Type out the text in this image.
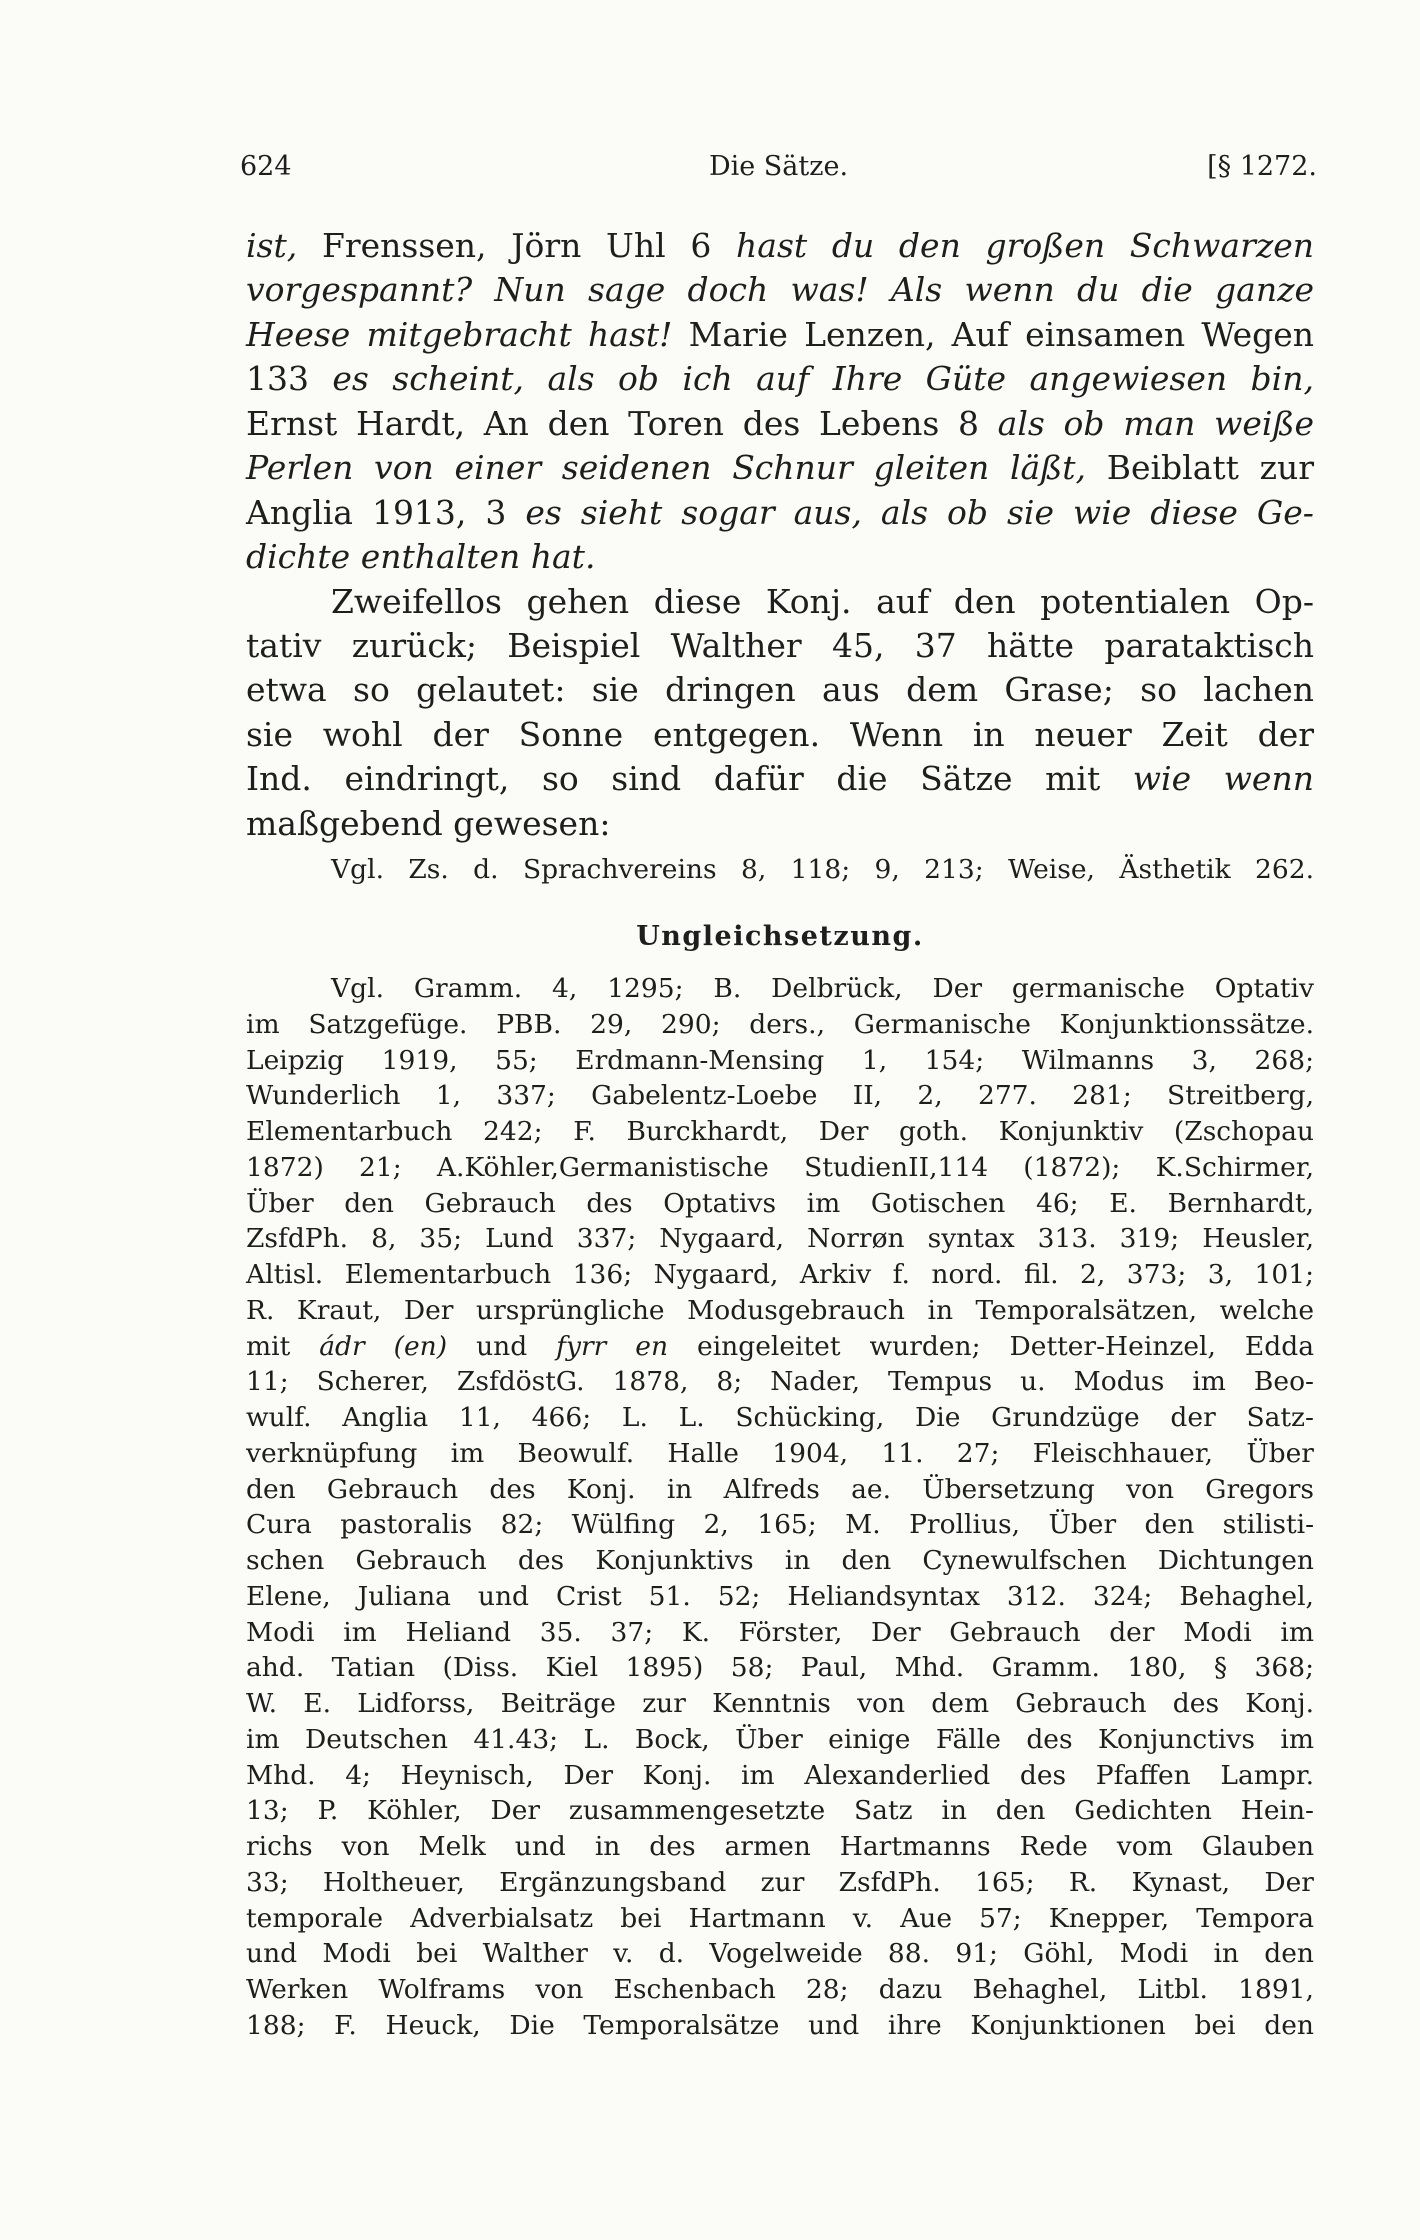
624	Die Sätze.	[§ 1272.
ist, Frenssen, Jörn Uhl 6 hast du den großen Schwarzen
vorgespannt? Nun sage doch was! Als wenn du die ganze
Heese mitgebracht hast! Marie Lenzen, Auf einsamen Wegen
133 es scheint, als ob ich auf Ihre Güte angewiesen bin,
Ernst Hardt, An den Toren des Lebens 8 als ob man weiße
Perlen von einer seidenen Schnur gleiten läßt, Beiblatt zur
Anglia 1913, 3 es sieht sogar aus, als ob sie wie diese Ge-
dichte enthalten hat.
Zweifellos gehen diese Konj. auf den potentialen Op-
tativ zurück; Beispiel Walther 45, 37 hätte parataktisch
etwa so gelautet: sie dringen aus dem Grase; so lachen
sie wohl der Sonne entgegen. Wenn in neuer Zeit der
Ind. eindringt, so sind dafür die Sätze mit wie wenn
maßgebend gewesen:
Vgl. Zs. d. Sprachvereins 8, 118; 9, 213; Weise, Ästhetik 262.
Ungleichsetzung.
Vgl. Gramm. 4, 1295; B. Delbrück, Der germanische Optativ
im Satzgefüge. PBB. 29, 290; ders., Germanische Konjunktionssätze.
Leipzig 1919, 55; Erdmann-Mensing 1, 154; Wilmanns 3, 268;
Wunderlich 1, 337; Gabelentz-Loebe II, 2, 277. 281; Streitberg,
Elementarbuch 242; F. Burckhardt, Der goth. Konjunktiv (Zschopau
1872) 21; A.Köhler,Germanistische StudienII,114 (1872); K.Schirmer,
Über den Gebrauch des Optativs im Gotischen 46; E. Bernhardt,
ZsfdPh. 8, 35; Lund 337; Nygaard, Norrøn syntax 313. 319; Heusler,
Altisl. Elementarbuch 136; Nygaard, Arkiv f. nord. fil. 2, 373; 3, 101;
R. Kraut, Der ursprüngliche Modusgebrauch in Temporalsätzen, welche
mit ádr (en) und fyrr en eingeleitet wurden; Detter-Heinzel, Edda
11; Scherer, ZsfdöstG. 1878, 8; Nader, Tempus u. Modus im Beo-
wulf. Anglia 11, 466; L. L. Schücking, Die Grundzüge der Satz-
verknüpfung im Beowulf. Halle 1904, 11. 27; Fleischhauer, Über
den Gebrauch des Konj. in Alfreds ae. Übersetzung von Gregors
Cura pastoralis 82; Wülfing 2, 165; M. Prollius, Über den stilisti-
schen Gebrauch des Konjunktivs in den Cynewulfschen Dichtungen
Elene, Juliana und Crist 51. 52; Heliandsyntax 312. 324; Behaghel,
Modi im Heliand 35. 37; K. Förster, Der Gebrauch der Modi im
ahd. Tatian (Diss. Kiel 1895) 58; Paul, Mhd. Gramm. 180, § 368;
W. E. Lidforss, Beiträge zur Kenntnis von dem Gebrauch des Konj.
im Deutschen 41.43; L. Bock, Über einige Fälle des Konjunctivs im
Mhd. 4; Heynisch, Der Konj. im Alexanderlied des Pfaffen Lampr.
13; P. Köhler, Der zusammengesetzte Satz in den Gedichten Hein-
richs von Melk und in des armen Hartmanns Rede vom Glauben
33; Holtheuer, Ergänzungsband zur ZsfdPh. 165; R. Kynast, Der
temporale Adverbialsatz bei Hartmann v. Aue 57; Knepper, Tempora
und Modi bei Walther v. d. Vogelweide 88. 91; Göhl, Modi in den
Werken Wolframs von Eschenbach 28; dazu Behaghel, Litbl. 1891,
188; F. Heuck, Die Temporalsätze und ihre Konjunktionen bei den
